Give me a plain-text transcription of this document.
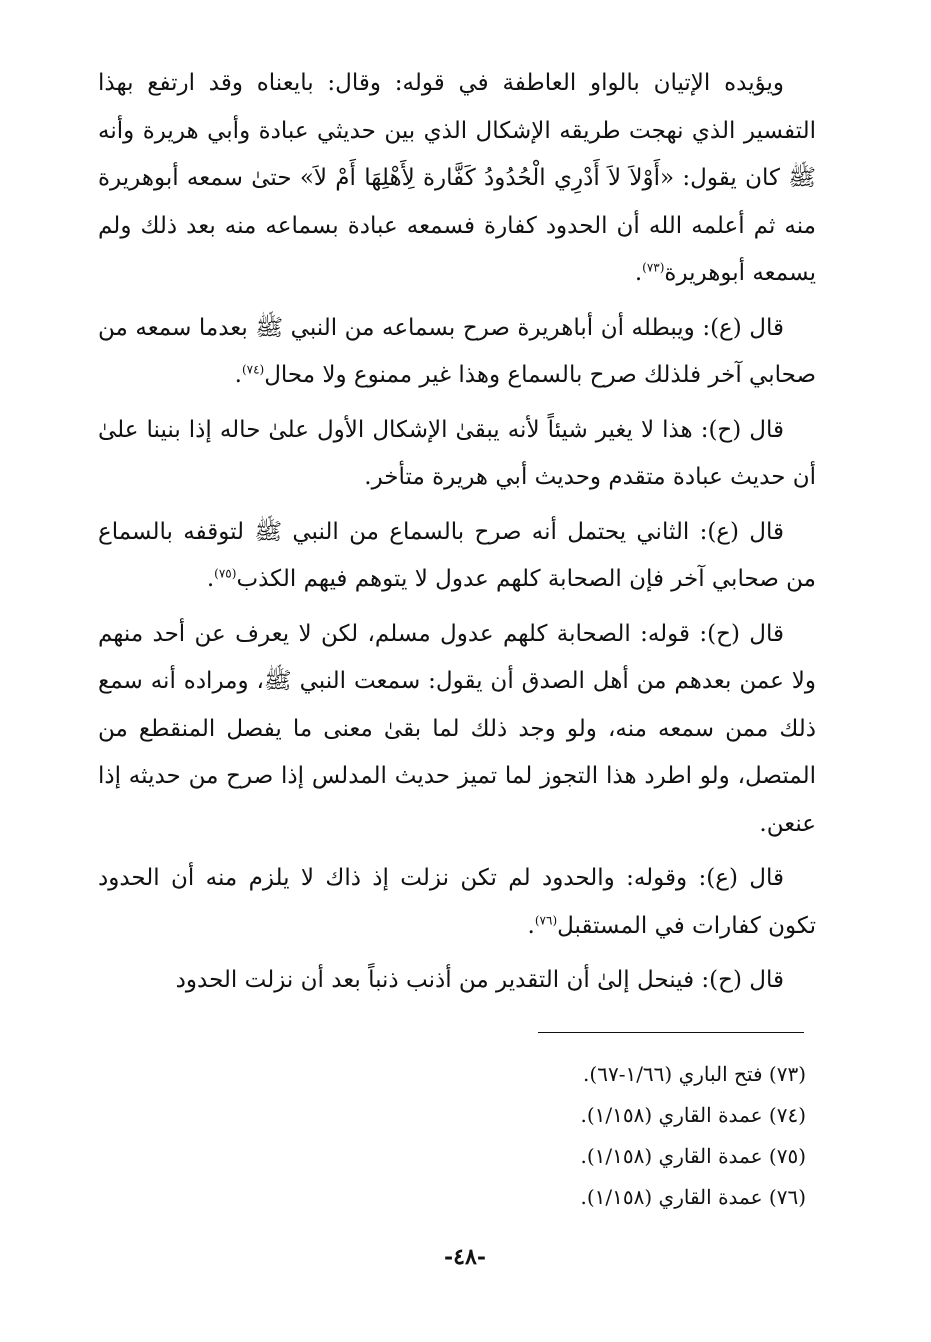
ويؤيده الإتيان بالواو العاطفة في قوله: وقال: بايعناه وقد ارتفع بهذا التفسير الذي نهجت طريقه الإشكال الذي بين حديثي عبادة وأبي هريرة وأنه ﷺ كان يقول: «أَوْلاَ لاَ أَدْرِي الْحُدُودُ كَفَّارة لِأَهْلِهَا أَمْ لاَ» حتىٰ سمعه أبوهريرة منه ثم أعلمه الله أن الحدود كفارة فسمعه عبادة بسماعه منه بعد ذلك ولم يسمعه أبوهريرة$^{(٧٣)}$.

قال (ع): ويبطله أن أباهريرة صرح بسماعه من النبي ﷺ بعدما سمعه من صحابي آخر فلذلك صرح بالسماع وهذا غير ممنوع ولا محال$^{(٧٤)}$.

قال (ح): هذا لا يغير شيئاً لأنه يبقىٰ الإشكال الأول علىٰ حاله إذا بنينا علىٰ أن حديث عبادة متقدم وحديث أبي هريرة متأخر.

قال (ع): الثاني يحتمل أنه صرح بالسماع من النبي ﷺ لتوقفه بالسماع من صحابي آخر فإن الصحابة كلهم عدول لا يتوهم فيهم الكذب$^{(٧٥)}$.

قال (ح): قوله: الصحابة كلهم عدول مسلم، لكن لا يعرف عن أحد منهم ولا عمن بعدهم من أهل الصدق أن يقول: سمعت النبي ﷺ، ومراده أنه سمع ذلك ممن سمعه منه، ولو وجد ذلك لما بقىٰ معنى ما يفصل المنقطع من المتصل، ولو اطرد هذا التجوز لما تميز حديث المدلس إذا صرح من حديثه إذا عنعن.

قال (ع): وقوله: والحدود لم تكن نزلت إذ ذاك لا يلزم منه أن الحدود تكون كفارات في المستقبل$^{(٧٦)}$.

قال (ح): فينحل إلىٰ أن التقدير من أذنب ذنباً بعد أن نزلت الحدود

(٧٣) فتح الباري (١/٦٦-٦٧).
(٧٤) عمدة القاري (١/١٥٨).
(٧٥) عمدة القاري (١/١٥٨).
(٧٦) عمدة القاري (١/١٥٨).
-٤٨-
